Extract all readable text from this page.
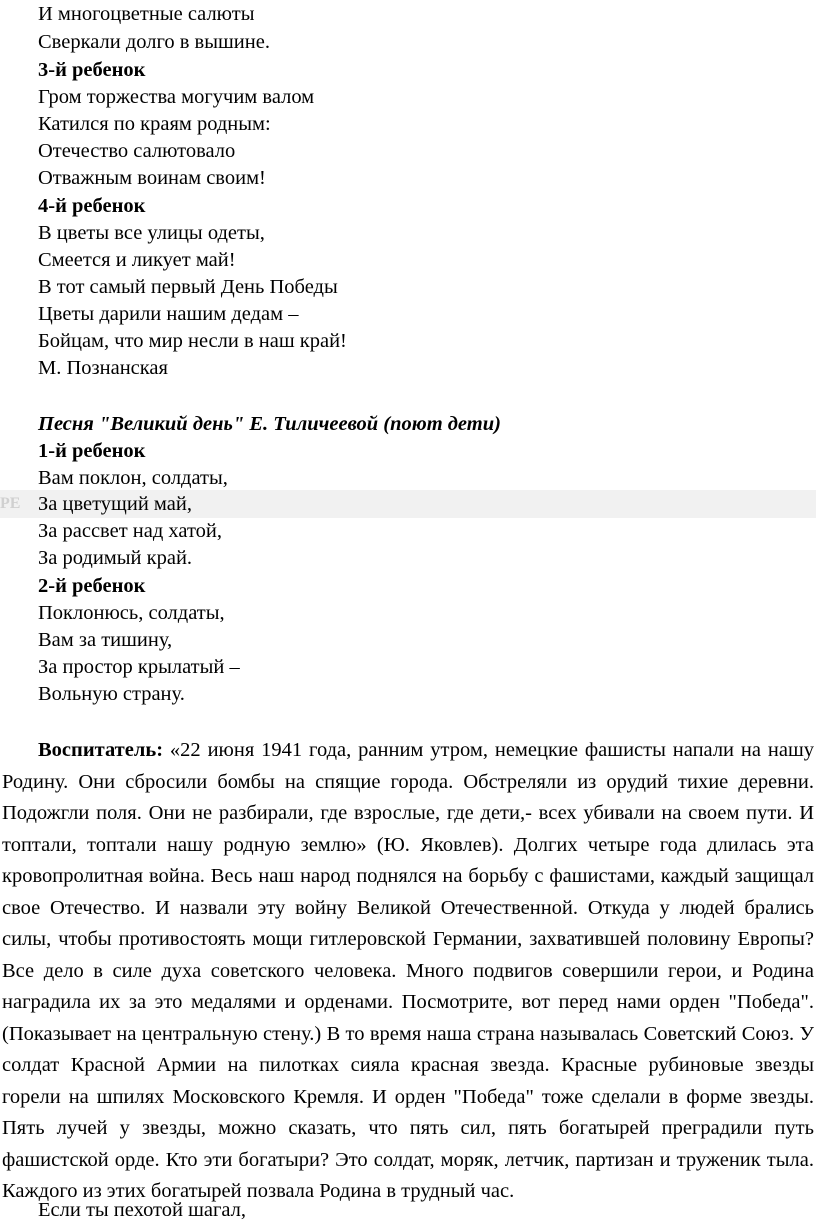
И многоцветные салюты
Сверкали долго в вышине.
3-й ребенок
Гром торжества могучим валом
Катился по краям родным:
Отечество салютовало
Отважным воинам своим!
4-й ребенок
В цветы все улицы одеты,
Смеется и ликует май!
В тот самый первый День Победы
Цветы дарили нашим дедам –
Бойцам, что мир несли в наш край!
М. Познанская
Песня "Великий день" Е. Тиличеевой (поют дети)
1-й ребенок
Вам поклон, солдаты,
РЕ За цветущий май,
За рассвет над хатой,
За родимый край.
2-й ребенок
Поклонюсь, солдаты,
Вам за тишину,
За простор крылатый –
Вольную страну.

Воспитатель: «22 июня 1941 года, ранним утром, немецкие фашисты напали на нашу Родину. Они сбросили бомбы на спящие города. Обстреляли из орудий тихие деревни. Подожгли поля. Они не разбирали, где взрослые, где дети,- всех убивали на своем пути. И топтали, топтали нашу родную землю» (Ю. Яковлев). Долгих четыре года длилась эта кровопролитная война. Весь наш народ поднялся на борьбу с фашистами, каждый защищал свое Отечество. И назвали эту войну Великой Отечественной. Откуда у людей брались силы, чтобы противостоять мощи гитлеровской Германии, захватившей половину Европы? Все дело в силе духа советского человека. Много подвигов совершили герои, и Родина наградила их за это медалями и орденами. Посмотрите, вот перед нами орден "Победа". (Показывает на центральную стену.) В то время наша страна называлась Советский Союз. У солдат Красной Армии на пилотках сияла красная звезда. Красные рубиновые звезды горели на шпилях Московского Кремля. И орден "Победа" тоже сделали в форме звезды. Пять лучей у звезды, можно сказать, что пять сил, пять богатырей преградили путь фашистской орде. Кто эти богатыри? Это солдат, моряк, летчик, партизан и труженик тыла. Каждого из этих богатырей позвала Родина в трудный час.

Если ты пехотой шагал,
